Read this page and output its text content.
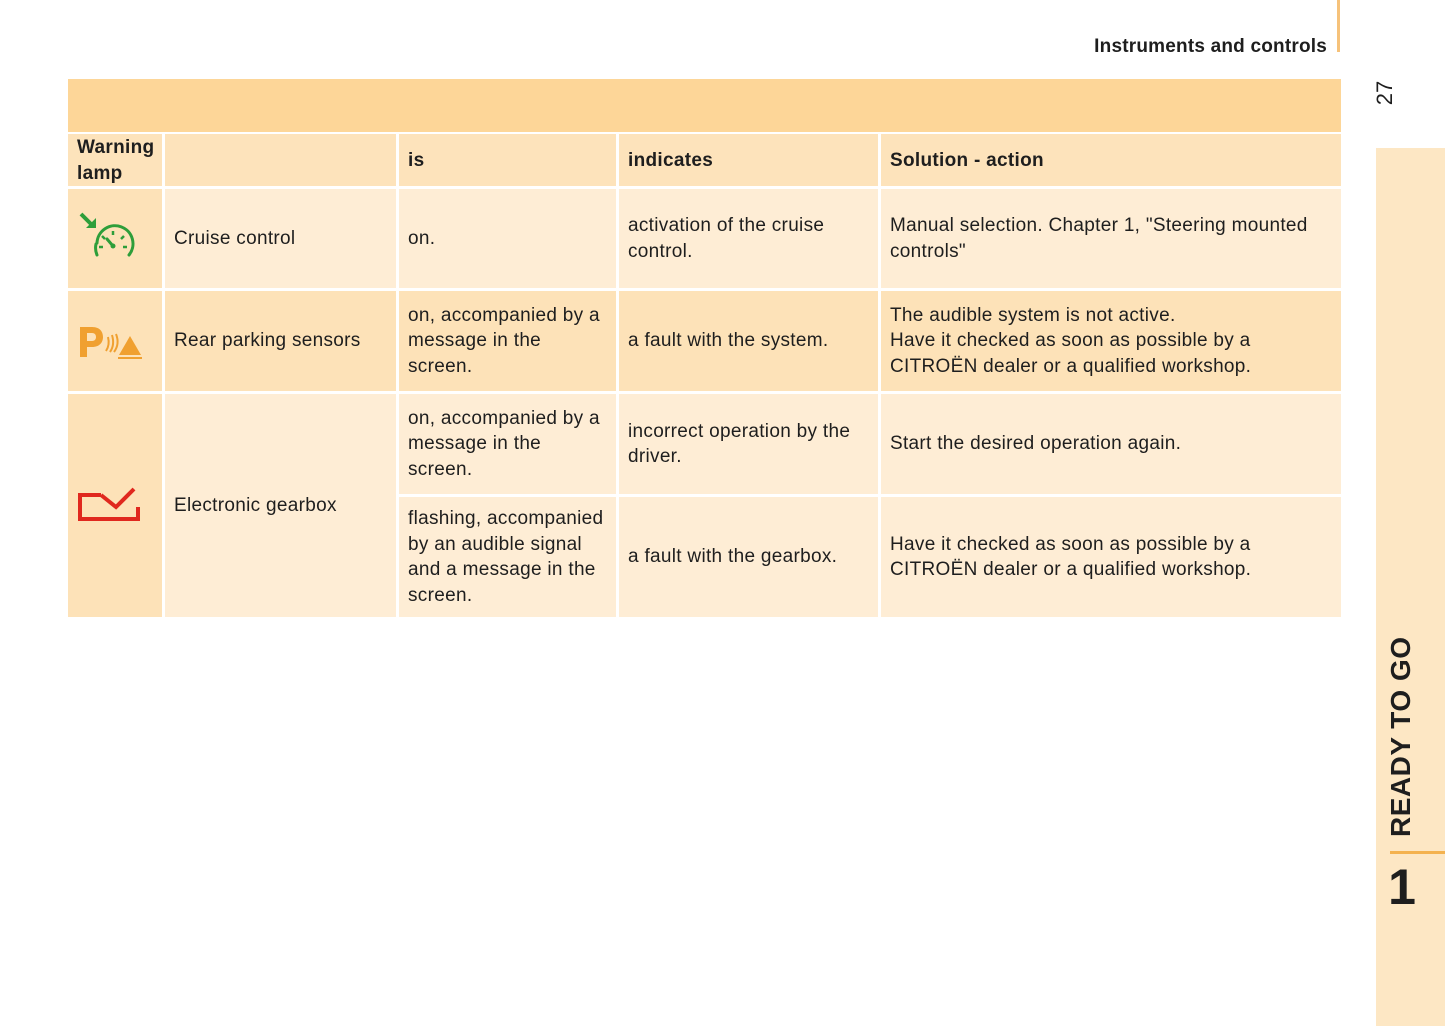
Instruments and controls
27
READY TO GO
1
Warning lamp		is	indicates	Solution - action
	Cruise control	on.	activation of the cruise control.	Manual selection. Chapter 1, "Steering mounted controls"
	Rear parking sensors	on, accompanied by a message in the screen.	a fault with the system.	The audible system is not active.
Have it checked as soon as possible by a CITROËN dealer or a qualified workshop.

	Electronic gearbox	on, accompanied by a message in the screen.	incorrect operation by the driver.	Start the desired operation again.
		flashing, accompanied by an audible signal and a message in the screen.	a fault with the gearbox.	Have it checked as soon as possible by a CITROËN dealer or a qualified workshop.
